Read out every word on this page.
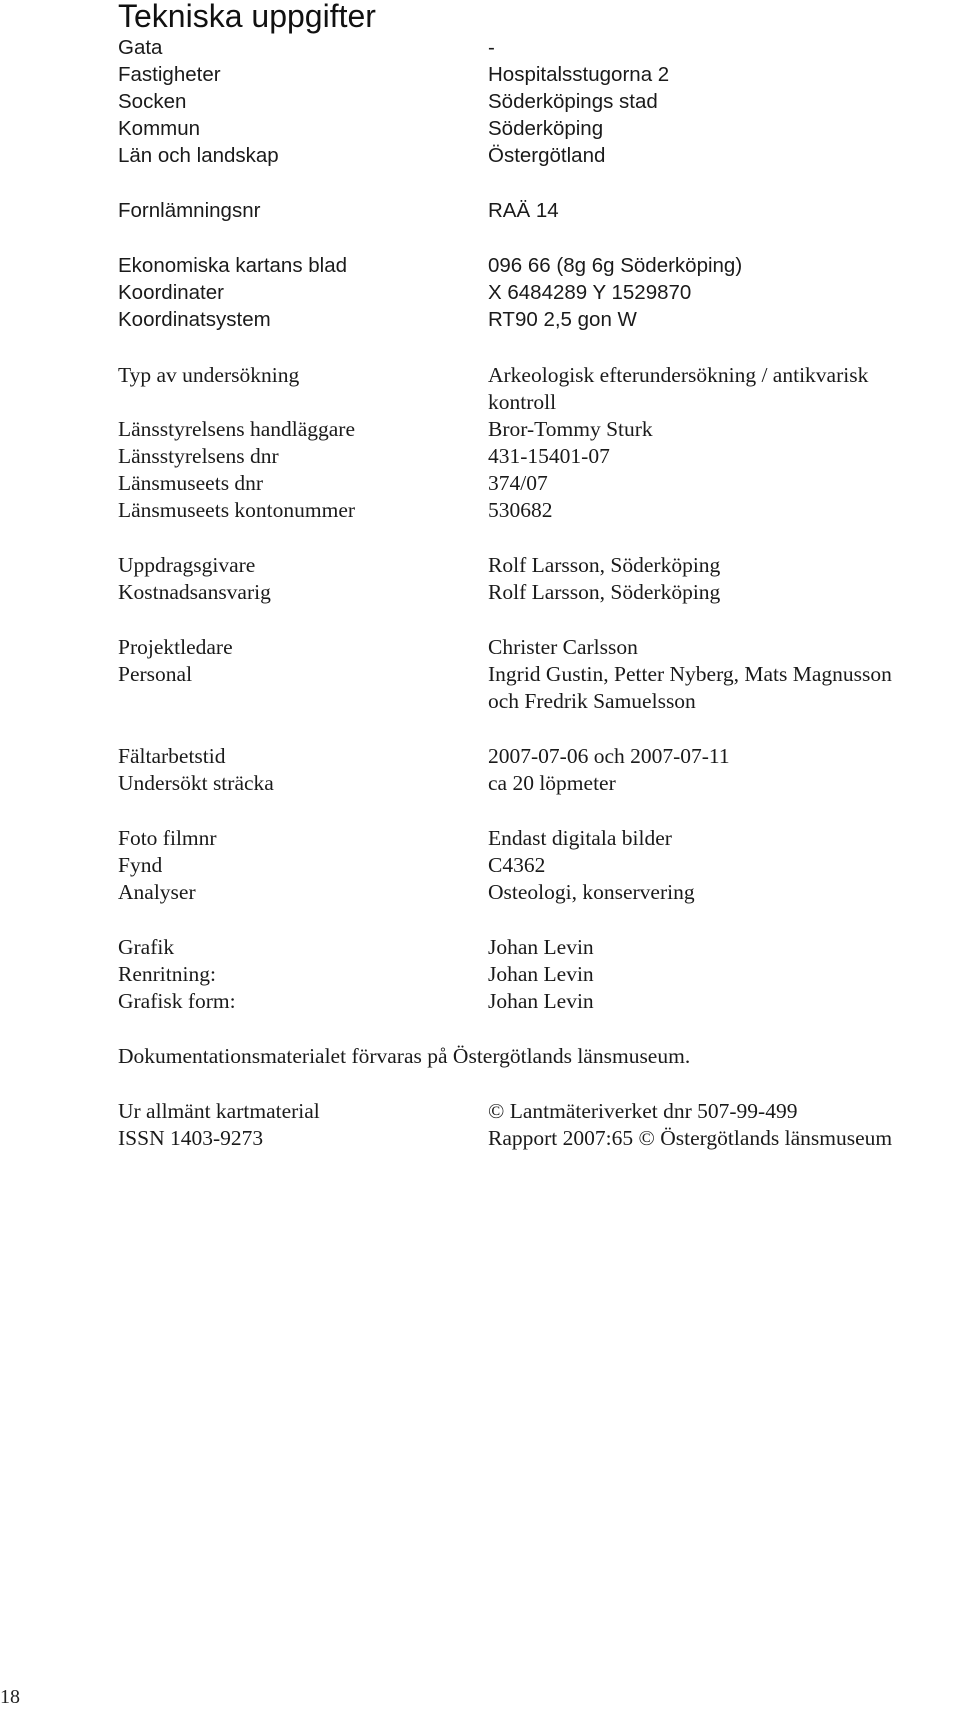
Tekniska uppgifter
Gata	-
Fastigheter	Hospitalsstugorna 2
Socken	Söderköpings stad
Kommun	Söderköping
Län och landskap	Östergötland
Fornlämningsnr	RAÄ 14
Ekonomiska kartans blad	096 66 (8g 6g Söderköping)
Koordinater	X 6484289 Y 1529870
Koordinatsystem	RT90 2,5 gon W
Typ av undersökning	Arkeologisk efterundersökning / antikvarisk
kontroll
Länsstyrelsens handläggare	Bror-Tommy Sturk
Länsstyrelsens dnr	431-15401-07
Länsmuseets dnr	374/07
Länsmuseets kontonummer	530682
Uppdragsgivare	Rolf Larsson, Söderköping
Kostnadsansvarig	Rolf Larsson, Söderköping
Projektledare	Christer Carlsson
Personal	Ingrid Gustin, Petter Nyberg, Mats Magnusson
och Fredrik Samuelsson
Fältarbetstid	2007-07-06 och 2007-07-11
Undersökt sträcka	ca 20 löpmeter
Foto filmnr	Endast digitala bilder
Fynd	C4362
Analyser	Osteologi, konservering
Grafik	Johan Levin
Renritning:	Johan Levin
Grafisk form:	Johan Levin
Dokumentationsmaterialet förvaras på Östergötlands länsmuseum.
Ur allmänt kartmaterial	© Lantmäteriverket dnr 507-99-499
ISSN 1403-9273	Rapport 2007:65 © Östergötlands länsmuseum
18
